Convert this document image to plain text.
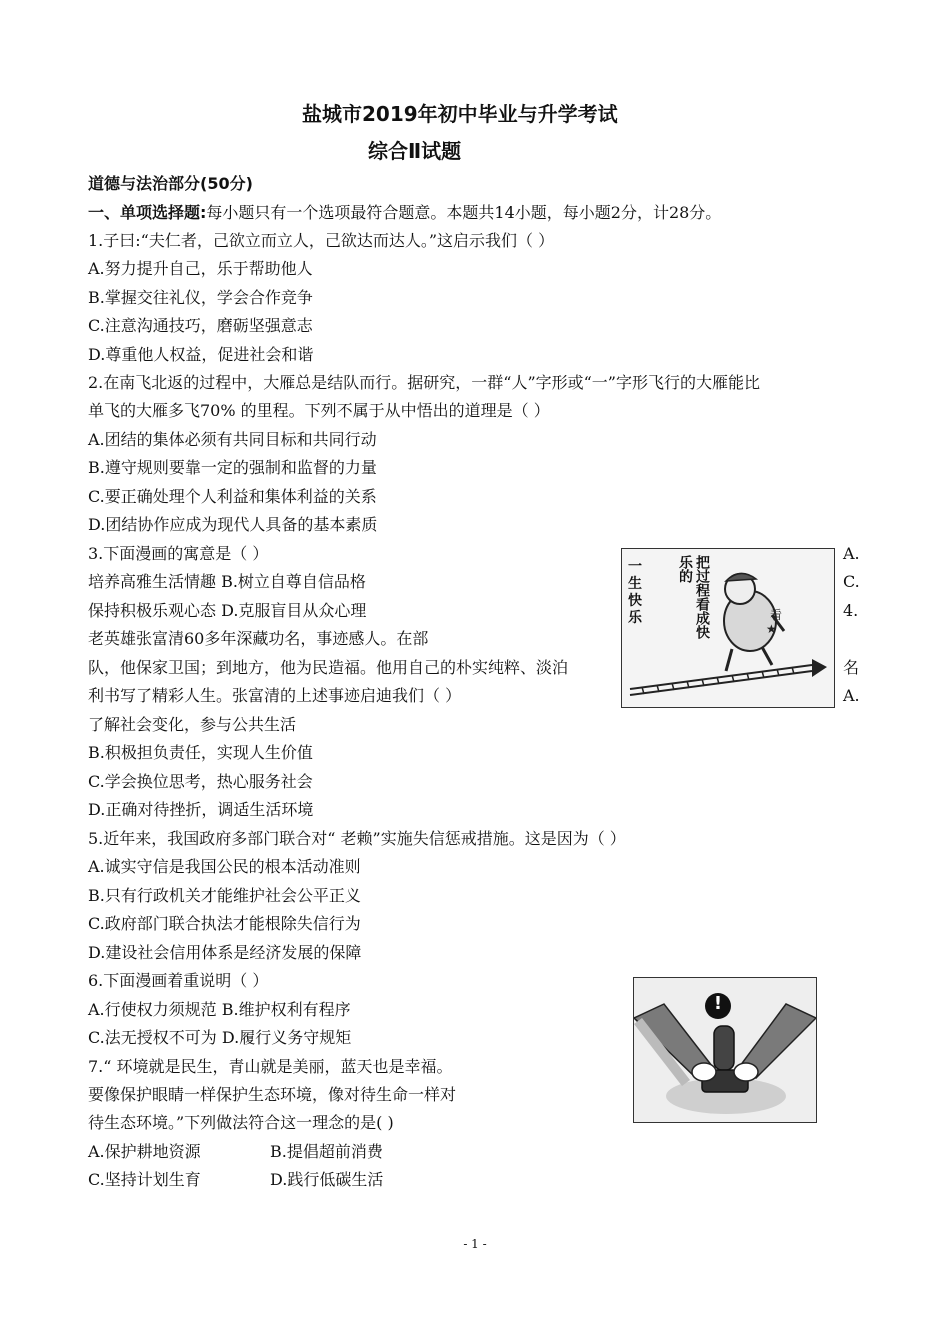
盐城市2019年初中毕业与升学考试
综合Ⅱ试题
道德与法治部分(50分)
一、单项选择题:每小题只有一个选项最符合题意。本题共14小题，每小题2分，计28分。
1.子曰:“夫仁者，己欲立而立人，己欲达而达人。”这启示我们（ ）
A.努力提升自己，乐于帮助他人
B.掌握交往礼仪，学会合作竞争
C.注意沟通技巧，磨砺坚强意志
D.尊重他人权益，促进社会和谐
2.在南飞北返的过程中，大雁总是结队而行。据研究，一群“人”字形或“一”字形飞行的大雁能比
单飞的大雁多飞70% 的里程。下列不属于从中悟出的道理是（ ）
A.团结的集体必须有共同目标和共同行动
B.遵守规则要靠一定的强制和监督的力量
C.要正确处理个人利益和集体利益的关系
D.团结协作应成为现代人具备的基本素质
3.下面漫画的寓意是（ ）
培养高雅生活情趣 B.树立自尊自信品格
保持积极乐观心态 D.克服盲目从众心理
A.
C.
★
看
一生快乐	把过程看成快乐的
4.
老英雄张富清60多年深藏功名，事迹感人。在部
队，他保家卫国；到地方，他为民造福。他用自己的朴实纯粹、淡泊	名
利书写了精彩人生。张富清的上述事迹启迪我们（ ）	A.
了解社会变化，参与公共生活
B.积极担负责任，实现人生价值
C.学会换位思考，热心服务社会
D.正确对待挫折，调适生活环境
5.近年来，我国政府多部门联合对“ 老赖”实施失信惩戒措施。这是因为（ ）
A.诚实守信是我国公民的根本活动准则
B.只有行政机关才能维护社会公平正义
C.政府部门联合执法才能根除失信行为
D.建设社会信用体系是经济发展的保障
6.下面漫画着重说明（ ）
A.行使权力须规范 B.维护权利有程序
C.法无授权不可为 D.履行义务守规矩
!
7.“ 环境就是民生，青山就是美丽，蓝天也是幸福。
要像保护眼睛一样保护生态环境，像对待生命一样对
待生态环境。”下列做法符合这一理念的是( )
A.保护耕地资源	B.提倡超前消费
C.坚持计划生育	D.践行低碳生活
- 1 -
